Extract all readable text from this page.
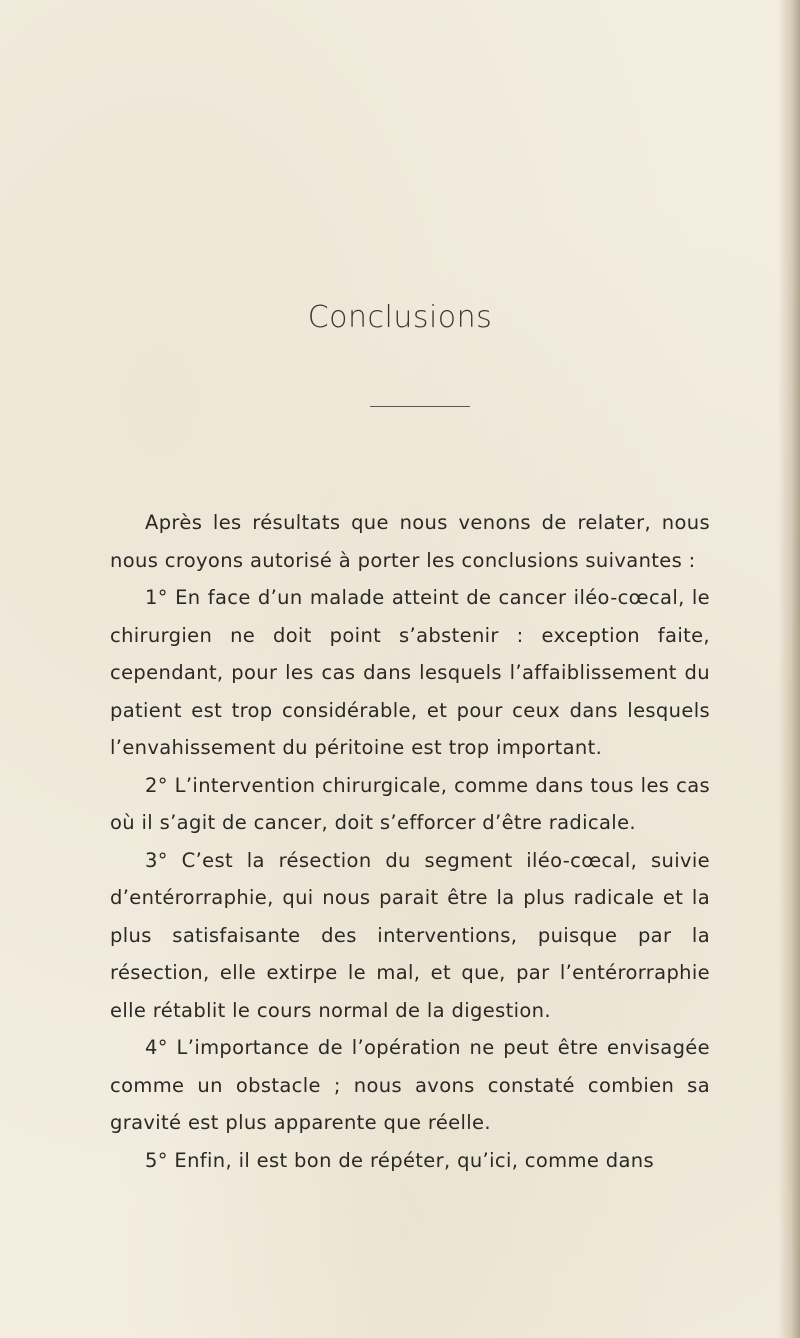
Conclusions

Après les résultats que nous venons de relater, nous nous croyons autorisé à porter les conclusions suivantes :

1° En face d’un malade atteint de cancer iléo-cœcal, le chirurgien ne doit point s’abstenir : exception faite, cependant, pour les cas dans lesquels l’affaiblissement du patient est trop considérable, et pour ceux dans lesquels l’envahissement du péritoine est trop important.

2° L’intervention chirurgicale, comme dans tous les cas où il s’agit de cancer, doit s’efforcer d’être radicale.

3° C’est la résection du segment iléo-cœcal, suivie d’entérorraphie, qui nous parait être la plus radicale et la plus satisfaisante des interventions, puisque par la résection, elle extirpe le mal, et que, par l’entérorraphie elle rétablit le cours normal de la digestion.

4° L’importance de l’opération ne peut être envisagée comme un obstacle ; nous avons constaté combien sa gravité est plus apparente que réelle.

5° Enfin, il est bon de répéter, qu’ici, comme dans
